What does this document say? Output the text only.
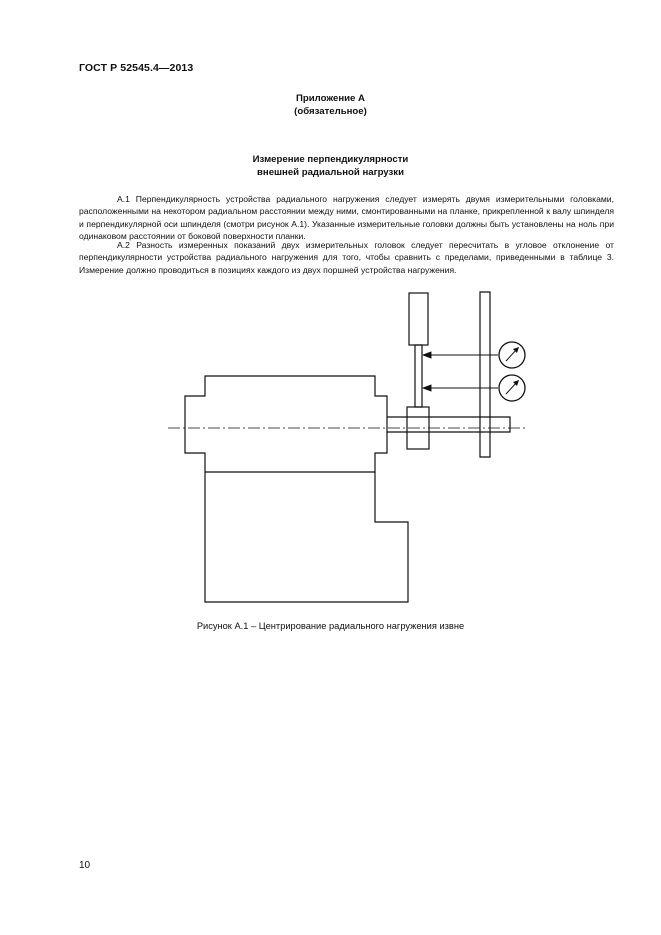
ГОСТ Р 52545.4—2013
Приложение А
(обязательное)
Измерение перпендикулярности
внешней радиальной нагрузки
А.1 Перпендикулярность устройства радиального нагружения следует измерять двумя измерительными головками, расположенными на некотором радиальном расстоянии между ними, смонтированными на планке, прикрепленной к валу шпинделя и перпендикулярной оси шпинделя (смотри рисунок А.1). Указанные измерительные головки должны быть установлены на ноль при одинаковом расстоянии от боковой поверхности планки.
А.2 Разность измеренных показаний двух измерительных головок следует пересчитать в угловое отклонение от перпендикулярности устройства радиального нагружения для того, чтобы сравнить с пределами, приведенными в таблице 3. Измерение должно проводиться в позициях каждого из двух поршней устройства нагружения.
Рисунок А.1 – Центрирование радиального нагружения извне
10
